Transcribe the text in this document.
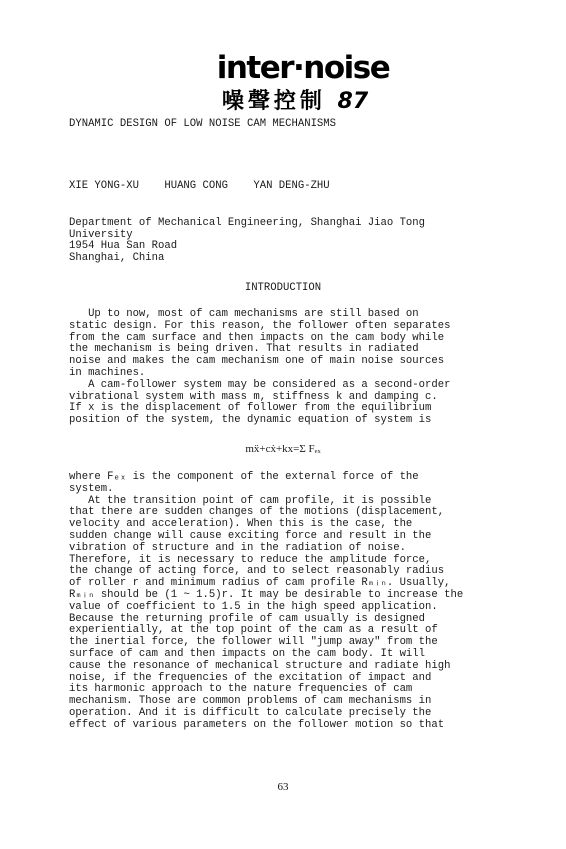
inter·noise
噪聲控制 87
DYNAMIC DESIGN OF LOW NOISE CAM MECHANISMS
XIE YONG-XU    HUANG CONG    YAN DENG-ZHU
Department of Mechanical Engineering, Shanghai Jiao Tong
University
1954 Hua San Road
Shanghai, China
INTRODUCTION
Up to now, most of cam mechanisms are still based on
static design. For this reason, the follower often separates
from the cam surface and then impacts on the cam body while
the mechanism is being driven. That results in radiated
noise and makes the cam mechanism one of main noise sources
in machines.
A cam-follower system may be considered as a second-order
vibrational system with mass m, stiffness k and damping c.
If x is the displacement of follower from the equilibrium
position of the system, the dynamic equation of system is
mẍ+cẋ+kx=Σ Fₑₓ
where Fₑₓ is the component of the external force of the
system.
At the transition point of cam profile, it is possible
that there are sudden changes of the motions (displacement,
velocity and acceleration). When this is the case, the
sudden change will cause exciting force and result in the
vibration of structure and in the radiation of noise.
Therefore, it is necessary to reduce the amplitude force,
the change of acting force, and to select reasonably radius
of roller r and minimum radius of cam profile Rₘᵢₙ. Usually,
Rₘᵢₙ should be (1 ~ 1.5)r. It may be desirable to increase the
value of coefficient to 1.5 in the high speed application.
Because the returning profile of cam usually is designed
experientially, at the top point of the cam as a result of
the inertial force, the follower will "jump away" from the
surface of cam and then impacts on the cam body. It will
cause the resonance of mechanical structure and radiate high
noise, if the frequencies of the excitation of impact and
its harmonic approach to the nature frequencies of cam
mechanism. Those are common problems of cam mechanisms in
operation. And it is difficult to calculate precisely the
effect of various parameters on the follower motion so that
63
